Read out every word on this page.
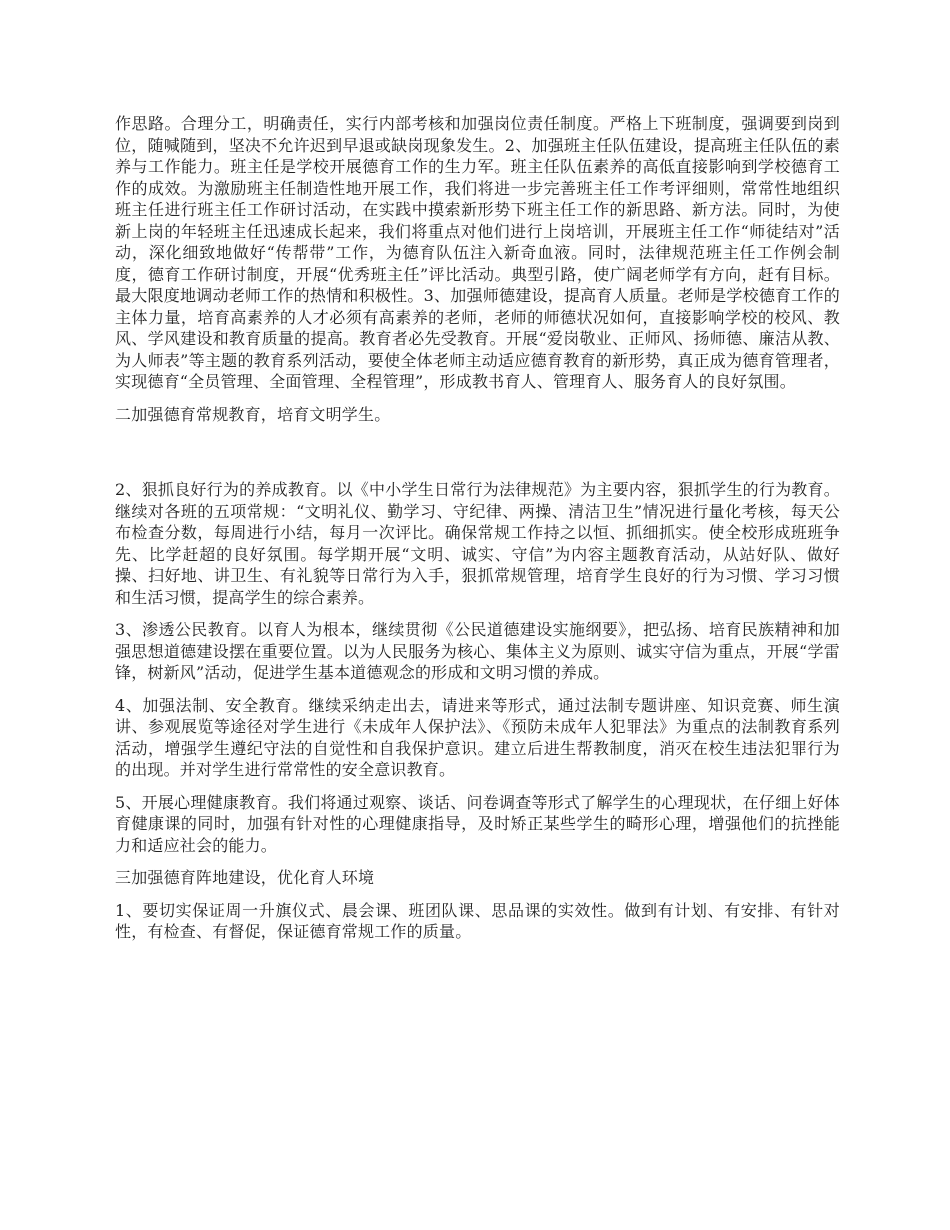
作思路。合理分工，明确责任，实行内部考核和加强岗位责任制度。严格上下班制度，强调要到岗到位，随喊随到，坚决不允许迟到早退或缺岗现象发生。2、加强班主任队伍建设，提高班主任队伍的素养与工作能力。班主任是学校开展德育工作的生力军。班主任队伍素养的高低直接影响到学校德育工作的成效。为激励班主任制造性地开展工作，我们将进一步完善班主任工作考评细则，常常性地组织班主任进行班主任工作研讨活动，在实践中摸索新形势下班主任工作的新思路、新方法。同时，为使新上岗的年轻班主任迅速成长起来，我们将重点对他们进行上岗培训，开展班主任工作“师徒结对”活动，深化细致地做好“传帮带”工作，为德育队伍注入新奇血液。同时，法律规范班主任工作例会制度，德育工作研讨制度，开展“优秀班主任”评比活动。典型引路，使广阔老师学有方向，赶有目标。最大限度地调动老师工作的热情和积极性。3、加强师德建设，提高育人质量。老师是学校德育工作的主体力量，培育高素养的人才必须有高素养的老师，老师的师德状况如何，直接影响学校的校风、教风、学风建设和教育质量的提高。教育者必先受教育。开展“爱岗敬业、正师风、扬师德、廉洁从教、为人师表”等主题的教育系列活动，要使全体老师主动适应德育教育的新形势，真正成为德育管理者，实现德育“全员管理、全面管理、全程管理”，形成教书育人、管理育人、服务育人的良好氛围。

二加强德育常规教育，培育文明学生。

2、狠抓良好行为的养成教育。以《中小学生日常行为法律规范》为主要内容，狠抓学生的行为教育。继续对各班的五项常规：“文明礼仪、勤学习、守纪律、两操、清洁卫生”情况进行量化考核，每天公布检查分数，每周进行小结，每月一次评比。确保常规工作持之以恒、抓细抓实。使全校形成班班争先、比学赶超的良好氛围。每学期开展“文明、诚实、守信”为内容主题教育活动，从站好队、做好操、扫好地、讲卫生、有礼貌等日常行为入手，狠抓常规管理，培育学生良好的行为习惯、学习习惯和生活习惯，提高学生的综合素养。

3、渗透公民教育。以育人为根本，继续贯彻《公民道德建设实施纲要》，把弘扬、培育民族精神和加强思想道德建设摆在重要位置。以为人民服务为核心、集体主义为原则、诚实守信为重点，开展“学雷锋，树新风”活动，促进学生基本道德观念的形成和文明习惯的养成。

4、加强法制、安全教育。继续采纳走出去，请进来等形式，通过法制专题讲座、知识竞赛、师生演讲、参观展览等途径对学生进行《未成年人保护法》、《预防未成年人犯罪法》为重点的法制教育系列活动，增强学生遵纪守法的自觉性和自我保护意识。建立后进生帮教制度，消灭在校生违法犯罪行为的出现。并对学生进行常常性的安全意识教育。

5、开展心理健康教育。我们将通过观察、谈话、问卷调查等形式了解学生的心理现状，在仔细上好体育健康课的同时，加强有针对性的心理健康指导，及时矫正某些学生的畸形心理，增强他们的抗挫能力和适应社会的能力。

三加强德育阵地建设，优化育人环境

1、要切实保证周一升旗仪式、晨会课、班团队课、思品课的实效性。做到有计划、有安排、有针对性，有检查、有督促，保证德育常规工作的质量。
